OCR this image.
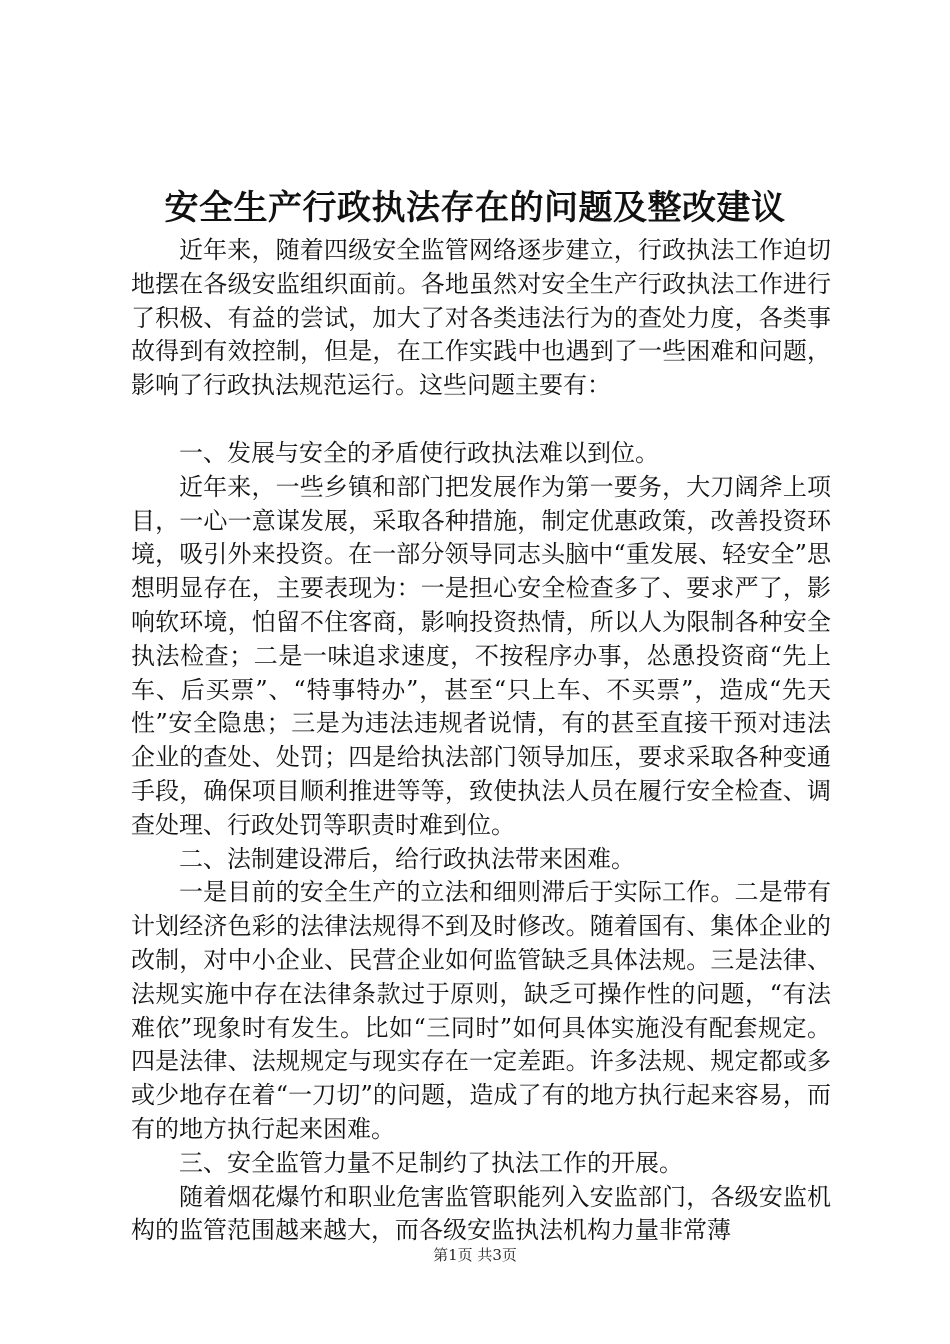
安全生产行政执法存在的问题及整改建议

近年来，随着四级安全监管网络逐步建立，行政执法工作迫切地摆在各级安监组织面前。各地虽然对安全生产行政执法工作进行了积极、有益的尝试，加大了对各类违法行为的查处力度，各类事故得到有效控制，但是，在工作实践中也遇到了一些困难和问题，影响了行政执法规范运行。这些问题主要有：

一、发展与安全的矛盾使行政执法难以到位。

近年来，一些乡镇和部门把发展作为第一要务，大刀阔斧上项目，一心一意谋发展，采取各种措施，制定优惠政策，改善投资环境，吸引外来投资。在一部分领导同志头脑中“重发展、轻安全”思想明显存在，主要表现为：一是担心安全检查多了、要求严了，影响软环境，怕留不住客商，影响投资热情，所以人为限制各种安全执法检查；二是一味追求速度，不按程序办事，怂恿投资商“先上车、后买票”、“特事特办”，甚至“只上车、不买票”，造成“先天性”安全隐患；三是为违法违规者说情，有的甚至直接干预对违法企业的查处、处罚；四是给执法部门领导加压，要求采取各种变通手段，确保项目顺利推进等等，致使执法人员在履行安全检查、调查处理、行政处罚等职责时难到位。

二、法制建设滞后，给行政执法带来困难。

一是目前的安全生产的立法和细则滞后于实际工作。二是带有计划经济色彩的法律法规得不到及时修改。随着国有、集体企业的改制，对中小企业、民营企业如何监管缺乏具体法规。三是法律、法规实施中存在法律条款过于原则，缺乏可操作性的问题，“有法难依”现象时有发生。比如“三同时”如何具体实施没有配套规定。四是法律、法规规定与现实存在一定差距。许多法规、规定都或多或少地存在着“一刀切”的问题，造成了有的地方执行起来容易，而有的地方执行起来困难。

三、安全监管力量不足制约了执法工作的开展。

随着烟花爆竹和职业危害监管职能列入安监部门，各级安监机构的监管范围越来越大，而各级安监执法机构力量非常薄

第1页 共3页
